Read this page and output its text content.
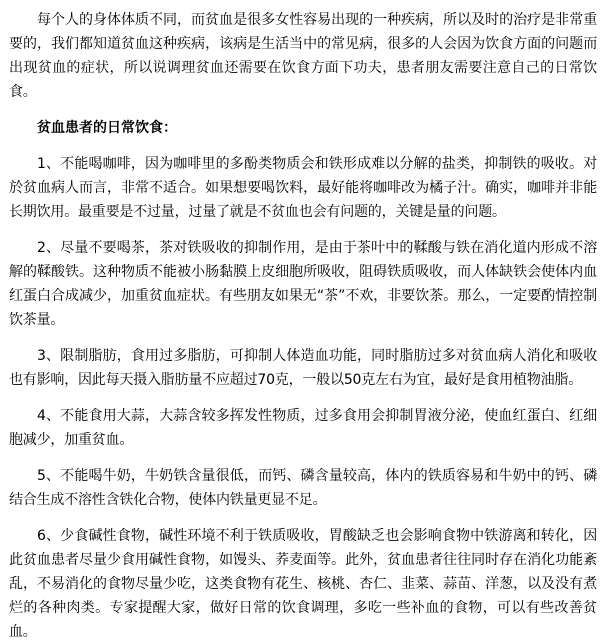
每个人的身体体质不同，而贫血是很多女性容易出现的一种疾病，所以及时的治疗是非常重要的，我们都知道贫血这种疾病，该病是生活当中的常见病，很多的人会因为饮食方面的问题而出现贫血的症状，所以说调理贫血还需要在饮食方面下功夫，患者朋友需要注意自己的日常饮食。

贫血患者的日常饮食：

1、不能喝咖啡，因为咖啡里的多酚类物质会和铁形成难以分解的盐类，抑制铁的吸收。对於贫血病人而言，非常不适合。如果想要喝饮料，最好能将咖啡改为橘子汁。确实，咖啡并非能长期饮用。最重要是不过量，过量了就是不贫血也会有问题的，关键是量的问题。

2、尽量不要喝茶，茶对铁吸收的抑制作用，是由于茶叶中的鞣酸与铁在消化道内形成不溶解的鞣酸铁。这种物质不能被小肠黏膜上皮细胞所吸收，阻碍铁质吸收，而人体缺铁会使体内血红蛋白合成减少，加重贫血症状。有些朋友如果无“茶”不欢，非要饮茶。那么，一定要酌情控制饮茶量。

3、限制脂肪，食用过多脂肪，可抑制人体造血功能，同时脂肪过多对贫血病人消化和吸收也有影响，因此每天摄入脂肪量不应超过70克，一般以50克左右为宜，最好是食用植物油脂。

4、不能食用大蒜，大蒜含较多挥发性物质，过多食用会抑制胃液分泌，使血红蛋白、红细胞减少，加重贫血。

5、不能喝牛奶，牛奶铁含量很低，而钙、磷含量较高，体内的铁质容易和牛奶中的钙、磷结合生成不溶性含铁化合物，使体内铁量更显不足。

6、少食碱性食物，碱性环境不利于铁质吸收，胃酸缺乏也会影响食物中铁游离和转化，因此贫血患者尽量少食用碱性食物，如馒头、荞麦面等。此外，贫血患者往往同时存在消化功能紊乱，不易消化的食物尽量少吃，这类食物有花生、核桃、杏仁、韭菜、蒜苗、洋葱，以及没有煮烂的各种肉类。专家提醒大家，做好日常的饮食调理，多吃一些补血的食物，可以有些改善贫血。
